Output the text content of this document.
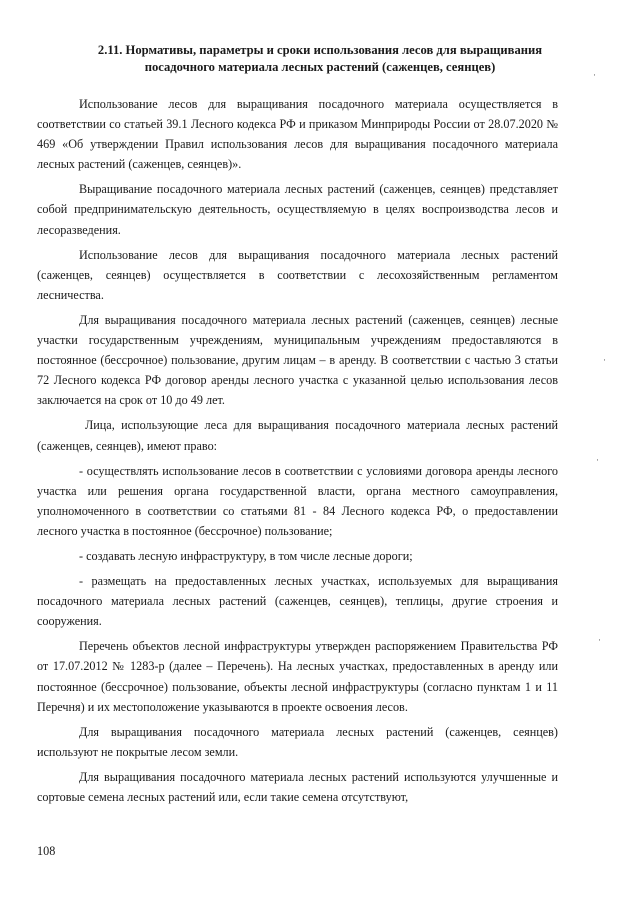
2.11. Нормативы, параметры и сроки использования лесов для выращивания
посадочного материала лесных растений (саженцев, сеянцев)

Использование лесов для выращивания посадочного материала осуществляется в соответствии со статьей 39.1 Лесного кодекса РФ и приказом Минприроды России от 28.07.2020 № 469 «Об утверждении Правил использования лесов для выращивания посадочного материала лесных растений (саженцев, сеянцев)».

Выращивание посадочного материала лесных растений (саженцев, сеянцев) представляет собой предпринимательскую деятельность, осуществляемую в целях воспроизводства лесов и лесоразведения.

Использование лесов для выращивания посадочного материала лесных растений (саженцев, сеянцев) осуществляется в соответствии с лесохозяйственным регламентом лесничества.

Для выращивания посадочного материала лесных растений (саженцев, сеянцев) лесные участки государственным учреждениям, муниципальным учреждениям предоставляются в постоянное (бессрочное) пользование, другим лицам – в аренду. В соответствии с частью 3 статьи 72 Лесного кодекса РФ договор аренды лесного участка с указанной целью использования лесов заключается на срок от 10 до 49 лет.

Лица, использующие леса для выращивания посадочного материала лесных растений (саженцев, сеянцев), имеют право:

- осуществлять использование лесов в соответствии с условиями договора аренды лесного участка или решения органа государственной власти, органа местного самоуправления, уполномоченного в соответствии со статьями 81 - 84 Лесного кодекса РФ, о предоставлении лесного участка в постоянное (бессрочное) пользование;

- создавать лесную инфраструктуру, в том числе лесные дороги;

- размещать на предоставленных лесных участках, используемых для выращивания посадочного материала лесных растений (саженцев, сеянцев), теплицы, другие строения и сооружения.

Перечень объектов лесной инфраструктуры утвержден распоряжением Правительства РФ от 17.07.2012 № 1283-р (далее – Перечень). На лесных участках, предоставленных в аренду или постоянное (бессрочное) пользование, объекты лесной инфраструктуры (согласно пунктам 1 и 11 Перечня) и их местоположение указываются в проекте освоения лесов.

Для выращивания посадочного материала лесных растений (саженцев, сеянцев) используют не покрытые лесом земли.

Для выращивания посадочного материала лесных растений используются улучшенные и сортовые семена лесных растений или, если такие семена отсутствуют,

108
·
·
·
·
